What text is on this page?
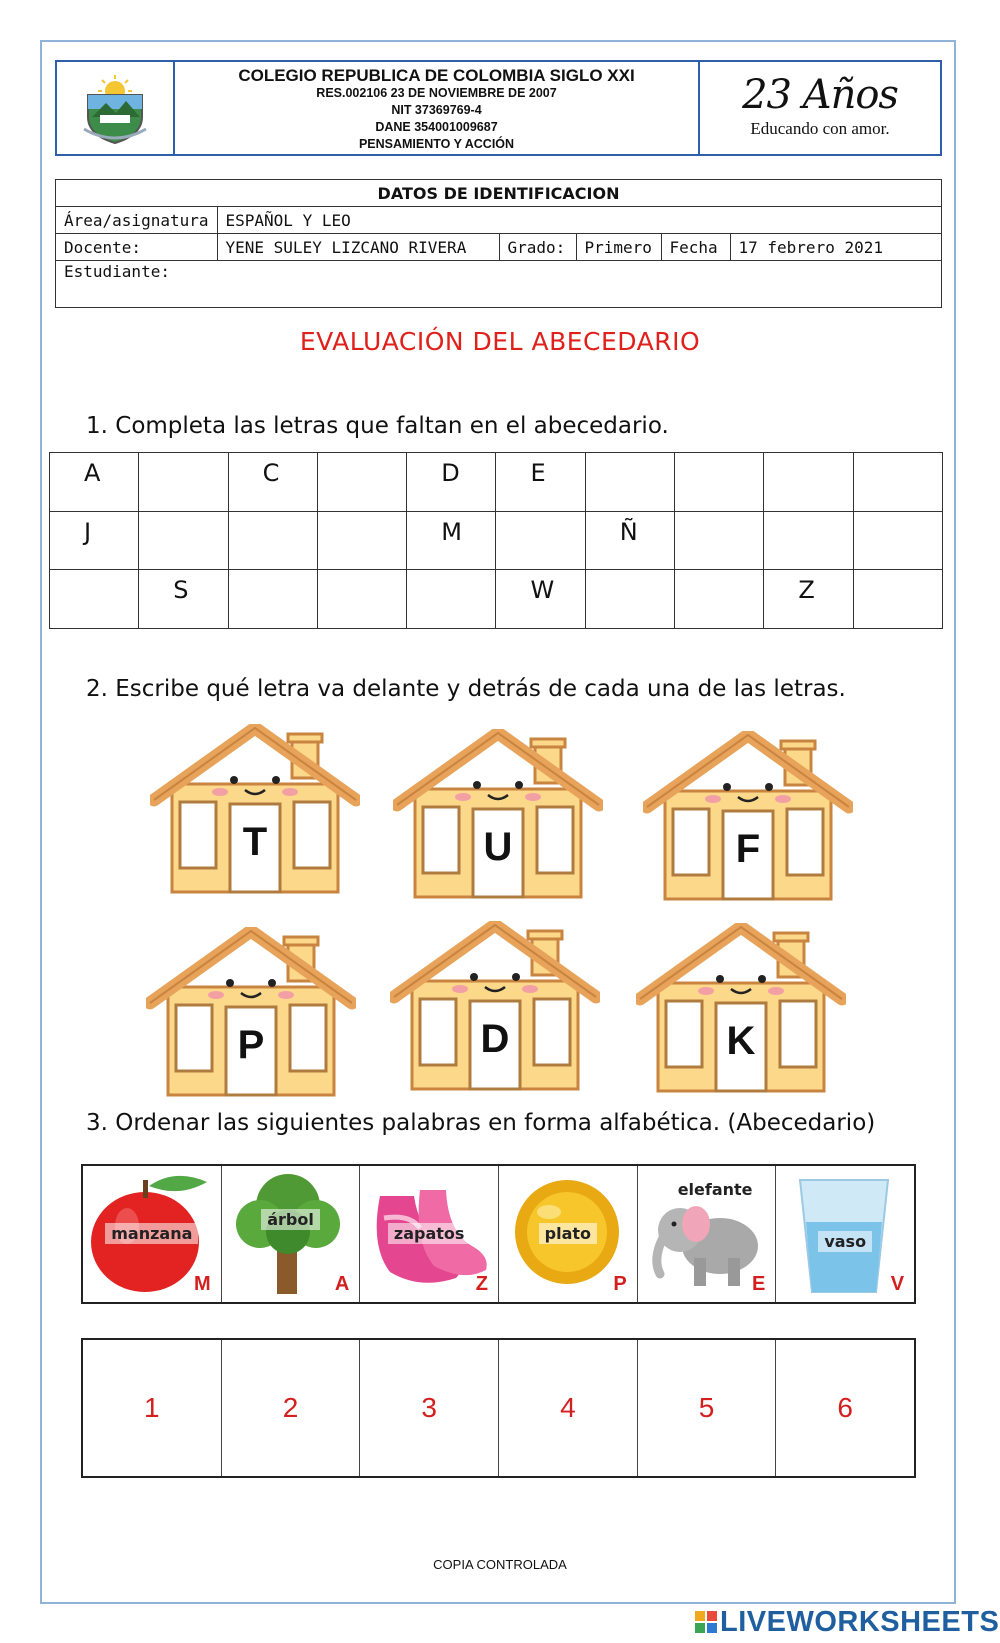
COLEGIO REPUBLICA DE COLOMBIA SIGLO XXI
RES.002106 23 DE NOVIEMBRE DE 2007
NIT 37369769-4
DANE 354001009687
PENSAMIENTO Y ACCIÓN
23 Años
Educando con amor.
DATOS DE IDENTIFICACION					
Área/asignatura	ESPAÑOL Y LEO				
Docente:	YENE SULEY LIZCANO RIVERA	Grado:	Primero	Fecha	17 febrero 2021
Estudiante:					
EVALUACIÓN DEL ABECEDARIO
1. Completa las letras que faltan en el abecedario.
A		C		D	E				
J				M		Ñ			
	S				W			Z	
2. Escribe qué letra va delante y detrás de cada una de las letras.
T	U	F
P	D	K
3. Ordenar las siguientes palabras en forma alfabética. (Abecedario)
manzana
M
árbol
A
zapatos
Z
plato
P
elefante
E
vaso
V
1	2	3	4	5	6
COPIA CONTROLADA
LIVEWORKSHEETS
